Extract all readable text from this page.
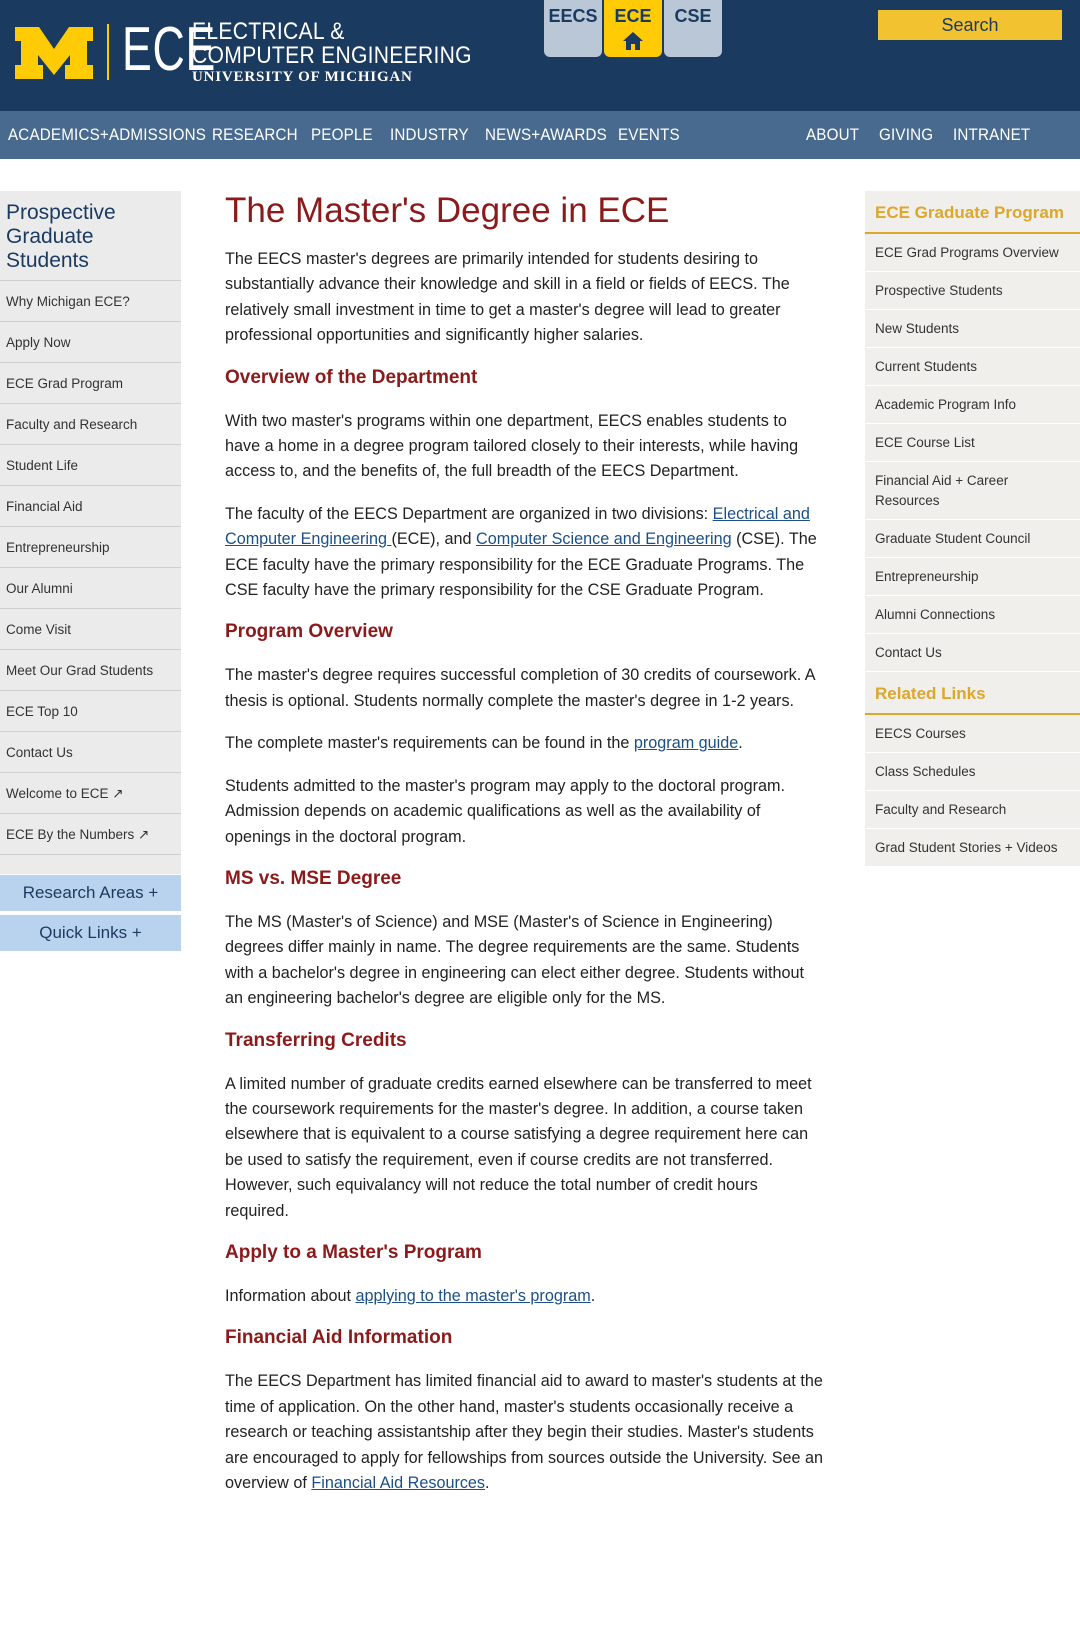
ECE
ELECTRICAL &
COMPUTER ENGINEERING
UNIVERSITY OF MICHIGAN
EECS ECE	CSE	Search
ACADEMICS+ADMISSIONS RESEARCH PEOPLE INDUSTRY NEWS+AWARDS EVENTS	ABOUT GIVING INTRANET
Prospective Graduate Students
Why Michigan ECE?
Apply Now
ECE Grad Program
Faculty and Research
Student Life
Financial Aid
Entrepreneurship
Our Alumni
Come Visit
Meet Our Grad Students
ECE Top 10
Contact Us
Welcome to ECE ↗
ECE By the Numbers ↗
Research Areas +
Quick Links +
The Master's Degree in ECE

The EECS master's degrees are primarily intended for students desiring to substantially advance their knowledge and skill in a field or fields of EECS. The relatively small investment in time to get a master's degree will lead to greater professional opportunities and significantly higher salaries.

Overview of the Department

With two master's programs within one department, EECS enables students to have a home in a degree program tailored closely to their interests, while having access to, and the benefits of, the full breadth of the EECS Department.

The faculty of the EECS Department are organized in two divisions: Electrical and Computer Engineering (ECE), and Computer Science and Engineering (CSE). The ECE faculty have the primary responsibility for the ECE Graduate Programs. The CSE faculty have the primary responsibility for the CSE Graduate Program.

Program Overview

The master's degree requires successful completion of 30 credits of coursework. A thesis is optional. Students normally complete the master's degree in 1-2 years.

The complete master's requirements can be found in the program guide.

Students admitted to the master's program may apply to the doctoral program. Admission depends on academic qualifications as well as the availability of openings in the doctoral program.

MS vs. MSE Degree

The MS (Master's of Science) and MSE (Master's of Science in Engineering) degrees differ mainly in name. The degree requirements are the same. Students with a bachelor's degree in engineering can elect either degree. Students without an engineering bachelor's degree are eligible only for the MS.

Transferring Credits

A limited number of graduate credits earned elsewhere can be transferred to meet the coursework requirements for the master's degree. In addition, a course taken elsewhere that is equivalent to a course satisfying a degree requirement here can be used to satisfy the requirement, even if course credits are not transferred. However, such equivalancy will not reduce the total number of credit hours required.

Apply to a Master's Program

Information about applying to the master's program.

Financial Aid Information

The EECS Department has limited financial aid to award to master's students at the time of application. On the other hand, master's students occasionally receive a research or teaching assistantship after they begin their studies. Master's students are encouraged to apply for fellowships from sources outside the University. See an overview of Financial Aid Resources.

ECE Graduate Program
ECE Grad Programs Overview
Prospective Students
New Students
Current Students
Academic Program Info
ECE Course List
Financial Aid + Career Resources
Graduate Student Council
Entrepreneurship
Alumni Connections
Contact Us
Related Links
EECS Courses
Class Schedules
Faculty and Research
Grad Student Stories + Videos
